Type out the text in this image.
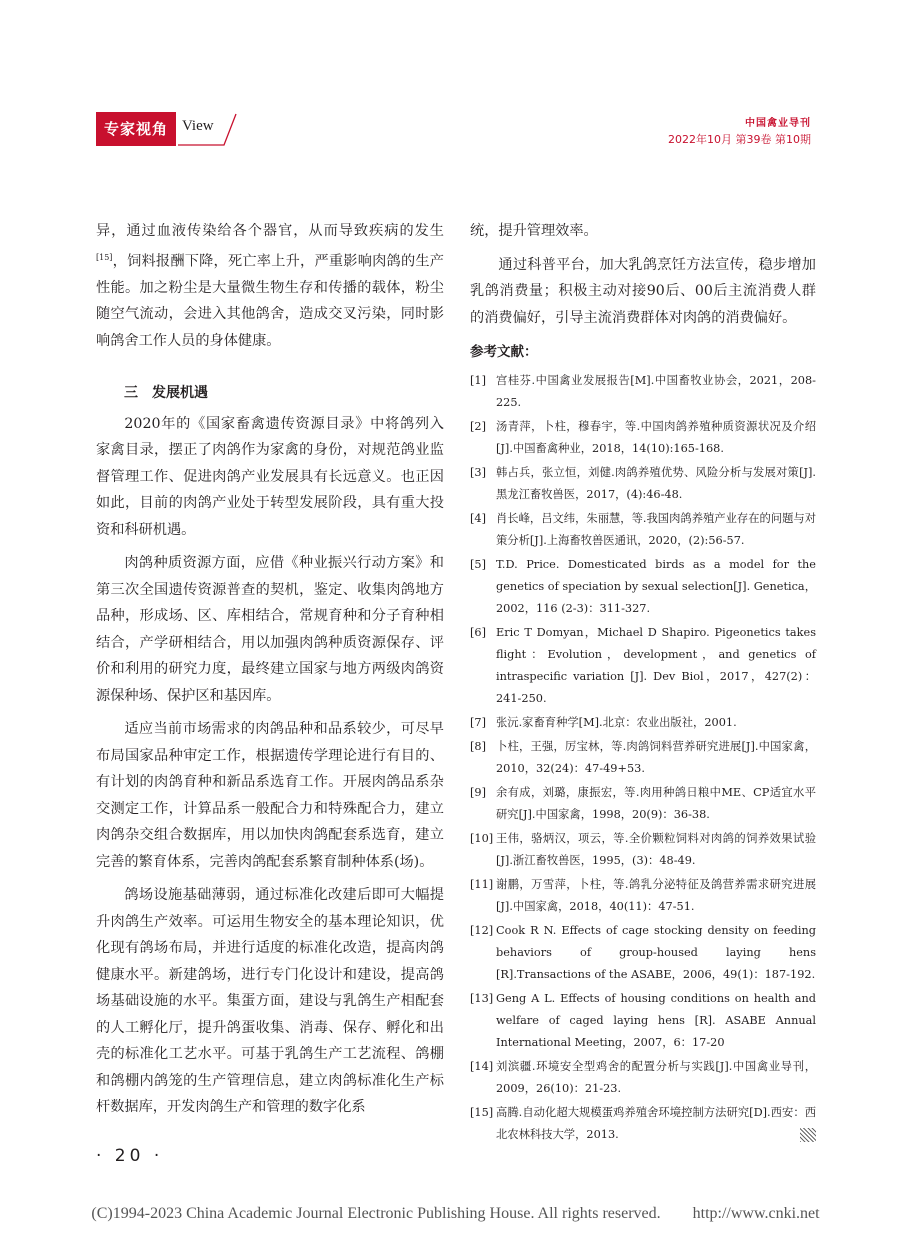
专家视角 View	中国禽业导刊
2022年10月 第39卷 第10期

异，通过血液传染给各个器官，从而导致疾病的发生[15]，饲料报酬下降，死亡率上升，严重影响肉鸽的生产性能。加之粉尘是大量微生物生存和传播的载体，粉尘随空气流动，会进入其他鸽舍，造成交叉污染，同时影响鸽舍工作人员的身体健康。

三　发展机遇

2020年的《国家畜禽遗传资源目录》中将鸽列入家禽目录，摆正了肉鸽作为家禽的身份，对规范鸽业监督管理工作、促进肉鸽产业发展具有长远意义。也正因如此，目前的肉鸽产业处于转型发展阶段，具有重大投资和科研机遇。

肉鸽种质资源方面，应借《种业振兴行动方案》和第三次全国遗传资源普查的契机，鉴定、收集肉鸽地方品种，形成场、区、库相结合，常规育种和分子育种相结合，产学研相结合，用以加强肉鸽种质资源保存、评价和利用的研究力度，最终建立国家与地方两级肉鸽资源保种场、保护区和基因库。

适应当前市场需求的肉鸽品种和品系较少，可尽早布局国家品种审定工作，根据遗传学理论进行有目的、有计划的肉鸽育种和新品系选育工作。开展肉鸽品系杂交测定工作，计算品系一般配合力和特殊配合力，建立肉鸽杂交组合数据库，用以加快肉鸽配套系选育，建立完善的繁育体系，完善肉鸽配套系繁育制种体系(场)。

鸽场设施基础薄弱，通过标准化改建后即可大幅提升肉鸽生产效率。可运用生物安全的基本理论知识，优化现有鸽场布局，并进行适度的标准化改造，提高肉鸽健康水平。新建鸽场，进行专门化设计和建设，提高鸽场基础设施的水平。集蛋方面，建设与乳鸽生产相配套的人工孵化厅，提升鸽蛋收集、消毒、保存、孵化和出壳的标准化工艺水平。可基于乳鸽生产工艺流程、鸽棚和鸽棚内鸽笼的生产管理信息，建立肉鸽标准化生产标杆数据库，开发肉鸽生产和管理的数字化系

统，提升管理效率。

通过科普平台，加大乳鸽烹饪方法宣传，稳步增加乳鸽消费量；积极主动对接90后、00后主流消费人群的消费偏好，引导主流消费群体对肉鸽的消费偏好。

参考文献：
[1] 宫桂芬.中国禽业发展报告[M].中国畜牧业协会，2021，208-225.
[2] 汤青萍，卜柱，穆春宇，等.中国肉鸽养殖种质资源状况及介绍[J].中国畜禽种业，2018，14(10):165-168.
[3] 韩占兵，张立恒，刘健.肉鸽养殖优势、风险分析与发展对策[J].黑龙江畜牧兽医，2017，(4):46-48.
[4] 肖长峰，吕文纬，朱丽慧，等.我国肉鸽养殖产业存在的问题与对策分析[J].上海畜牧兽医通讯，2020，(2):56-57.
[5] T.D. Price. Domesticated birds as a model for the genetics of speciation by sexual selection[J]. Genetica，2002，116 (2-3)：311-327.
[6] Eric T Domyan，Michael D Shapiro. Pigeonetics takes flight：Evolution，development，and genetics of intraspecific variation [J]. Dev Biol，2017，427(2)：241-250.
[7] 张沅.家畜育种学[M].北京：农业出版社，2001.
[8] 卜柱，王强，厉宝林，等.肉鸽饲料营养研究进展[J].中国家禽，2010，32(24)：47-49+53.
[9] 余有成，刘璐，康振宏，等.肉用种鸽日粮中ME、CP适宜水平研究[J].中国家禽，1998，20(9)：36-38.
[10] 王伟，骆炳汉，项云，等.全价颗粒饲料对肉鸽的饲养效果试验[J].浙江畜牧兽医，1995，(3)：48-49.
[11] 谢鹏，万雪萍，卜柱，等.鸽乳分泌特征及鸽营养需求研究进展[J].中国家禽，2018，40(11)：47-51.
[12] Cook R N. Effects of cage stocking density on feeding behaviors of group-housed laying hens [R].Transactions of the ASABE，2006，49(1)：187-192.
[13] Geng A L. Effects of housing conditions on health and welfare of caged laying hens [R]. ASABE Annual International Meeting，2007，6：17-20
[14] 刘滨疆.环境安全型鸡舍的配置分析与实践[J].中国禽业导刊，2009，26(10)：21-23.
[15] 高腾.自动化超大规模蛋鸡养殖舍环境控制方法研究[D].西安：西北农林科技大学，2013.
· 20 ·
(C)1994-2023 China Academic Journal Electronic Publishing House. All rights reserved.　　http://www.cnki.net
